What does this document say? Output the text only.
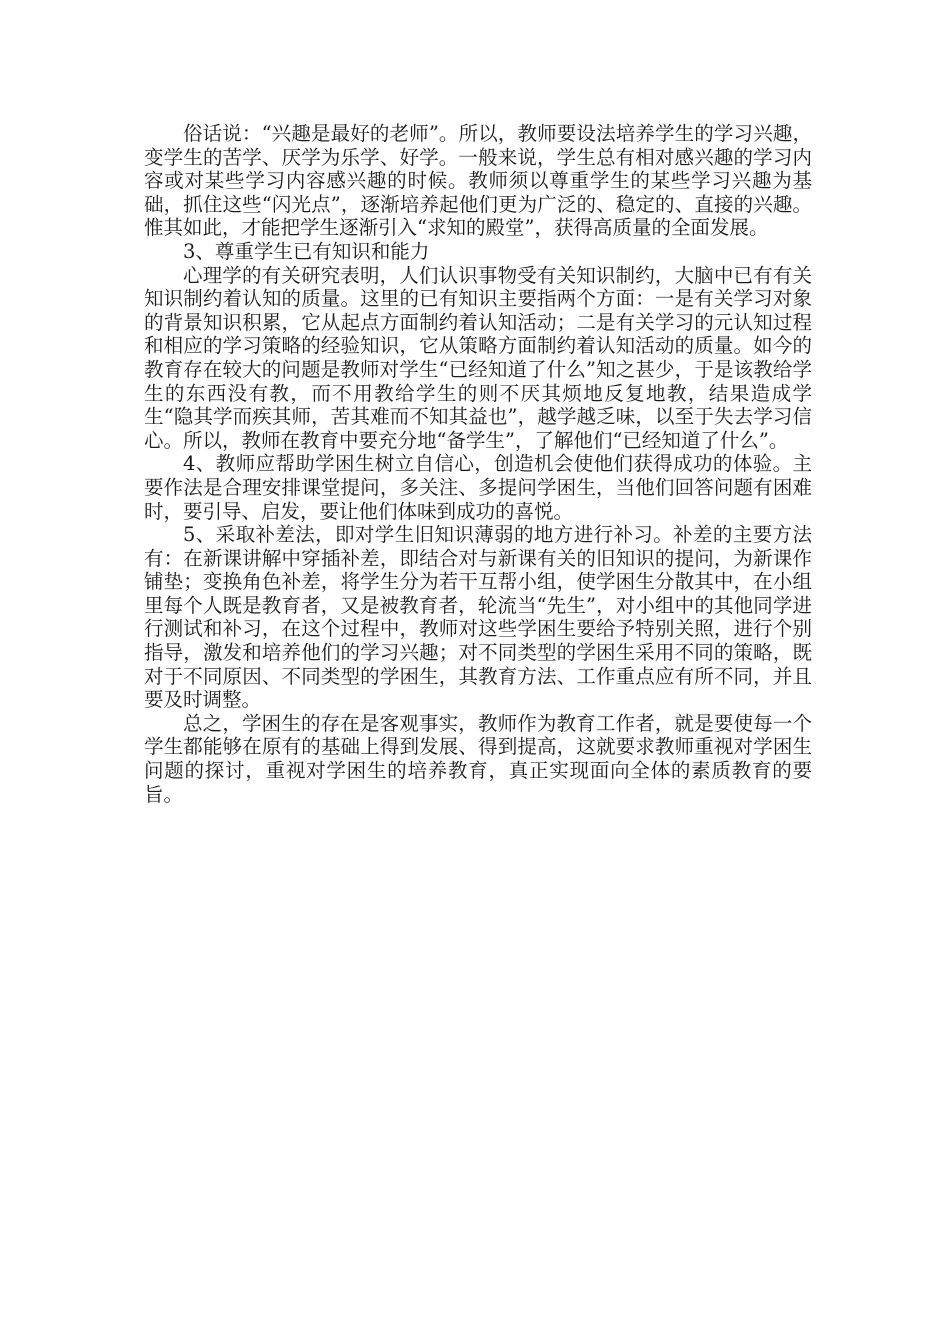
俗话说：“兴趣是最好的老师”。所以，教师要设法培养学生的学习兴趣，变学生的苦学、厌学为乐学、好学。一般来说，学生总有相对感兴趣的学习内容或对某些学习内容感兴趣的时候。教师须以尊重学生的某些学习兴趣为基础，抓住这些“闪光点”，逐渐培养起他们更为广泛的、稳定的、直接的兴趣。惟其如此，才能把学生逐渐引入“求知的殿堂”，获得高质量的全面发展。

3、尊重学生已有知识和能力

心理学的有关研究表明，人们认识事物受有关知识制约，大脑中已有有关知识制约着认知的质量。这里的已有知识主要指两个方面：一是有关学习对象的背景知识积累，它从起点方面制约着认知活动；二是有关学习的元认知过程和相应的学习策略的经验知识，它从策略方面制约着认知活动的质量。如今的教育存在较大的问题是教师对学生“已经知道了什么”知之甚少，于是该教给学生的东西没有教，而不用教给学生的则不厌其烦地反复地教，结果造成学生“隐其学而疾其师，苦其难而不知其益也”，越学越乏味，以至于失去学习信心。所以，教师在教育中要充分地“备学生”，了解他们“已经知道了什么”。

4、教师应帮助学困生树立自信心，创造机会使他们获得成功的体验。主要作法是合理安排课堂提问，多关注、多提问学困生，当他们回答问题有困难时，要引导、启发，要让他们体味到成功的喜悦。

5、采取补差法，即对学生旧知识薄弱的地方进行补习。补差的主要方法有：在新课讲解中穿插补差，即结合对与新课有关的旧知识的提问，为新课作铺垫；变换角色补差，将学生分为若干互帮小组，使学困生分散其中，在小组里每个人既是教育者，又是被教育者，轮流当“先生”，对小组中的其他同学进行测试和补习，在这个过程中，教师对这些学困生要给予特别关照，进行个别指导，激发和培养他们的学习兴趣；对不同类型的学困生采用不同的策略，既对于不同原因、不同类型的学困生，其教育方法、工作重点应有所不同，并且要及时调整。

总之，学困生的存在是客观事实，教师作为教育工作者，就是要使每一个学生都能够在原有的基础上得到发展、得到提高，这就要求教师重视对学困生问题的探讨，重视对学困生的培养教育，真正实现面向全体的素质教育的要旨。
